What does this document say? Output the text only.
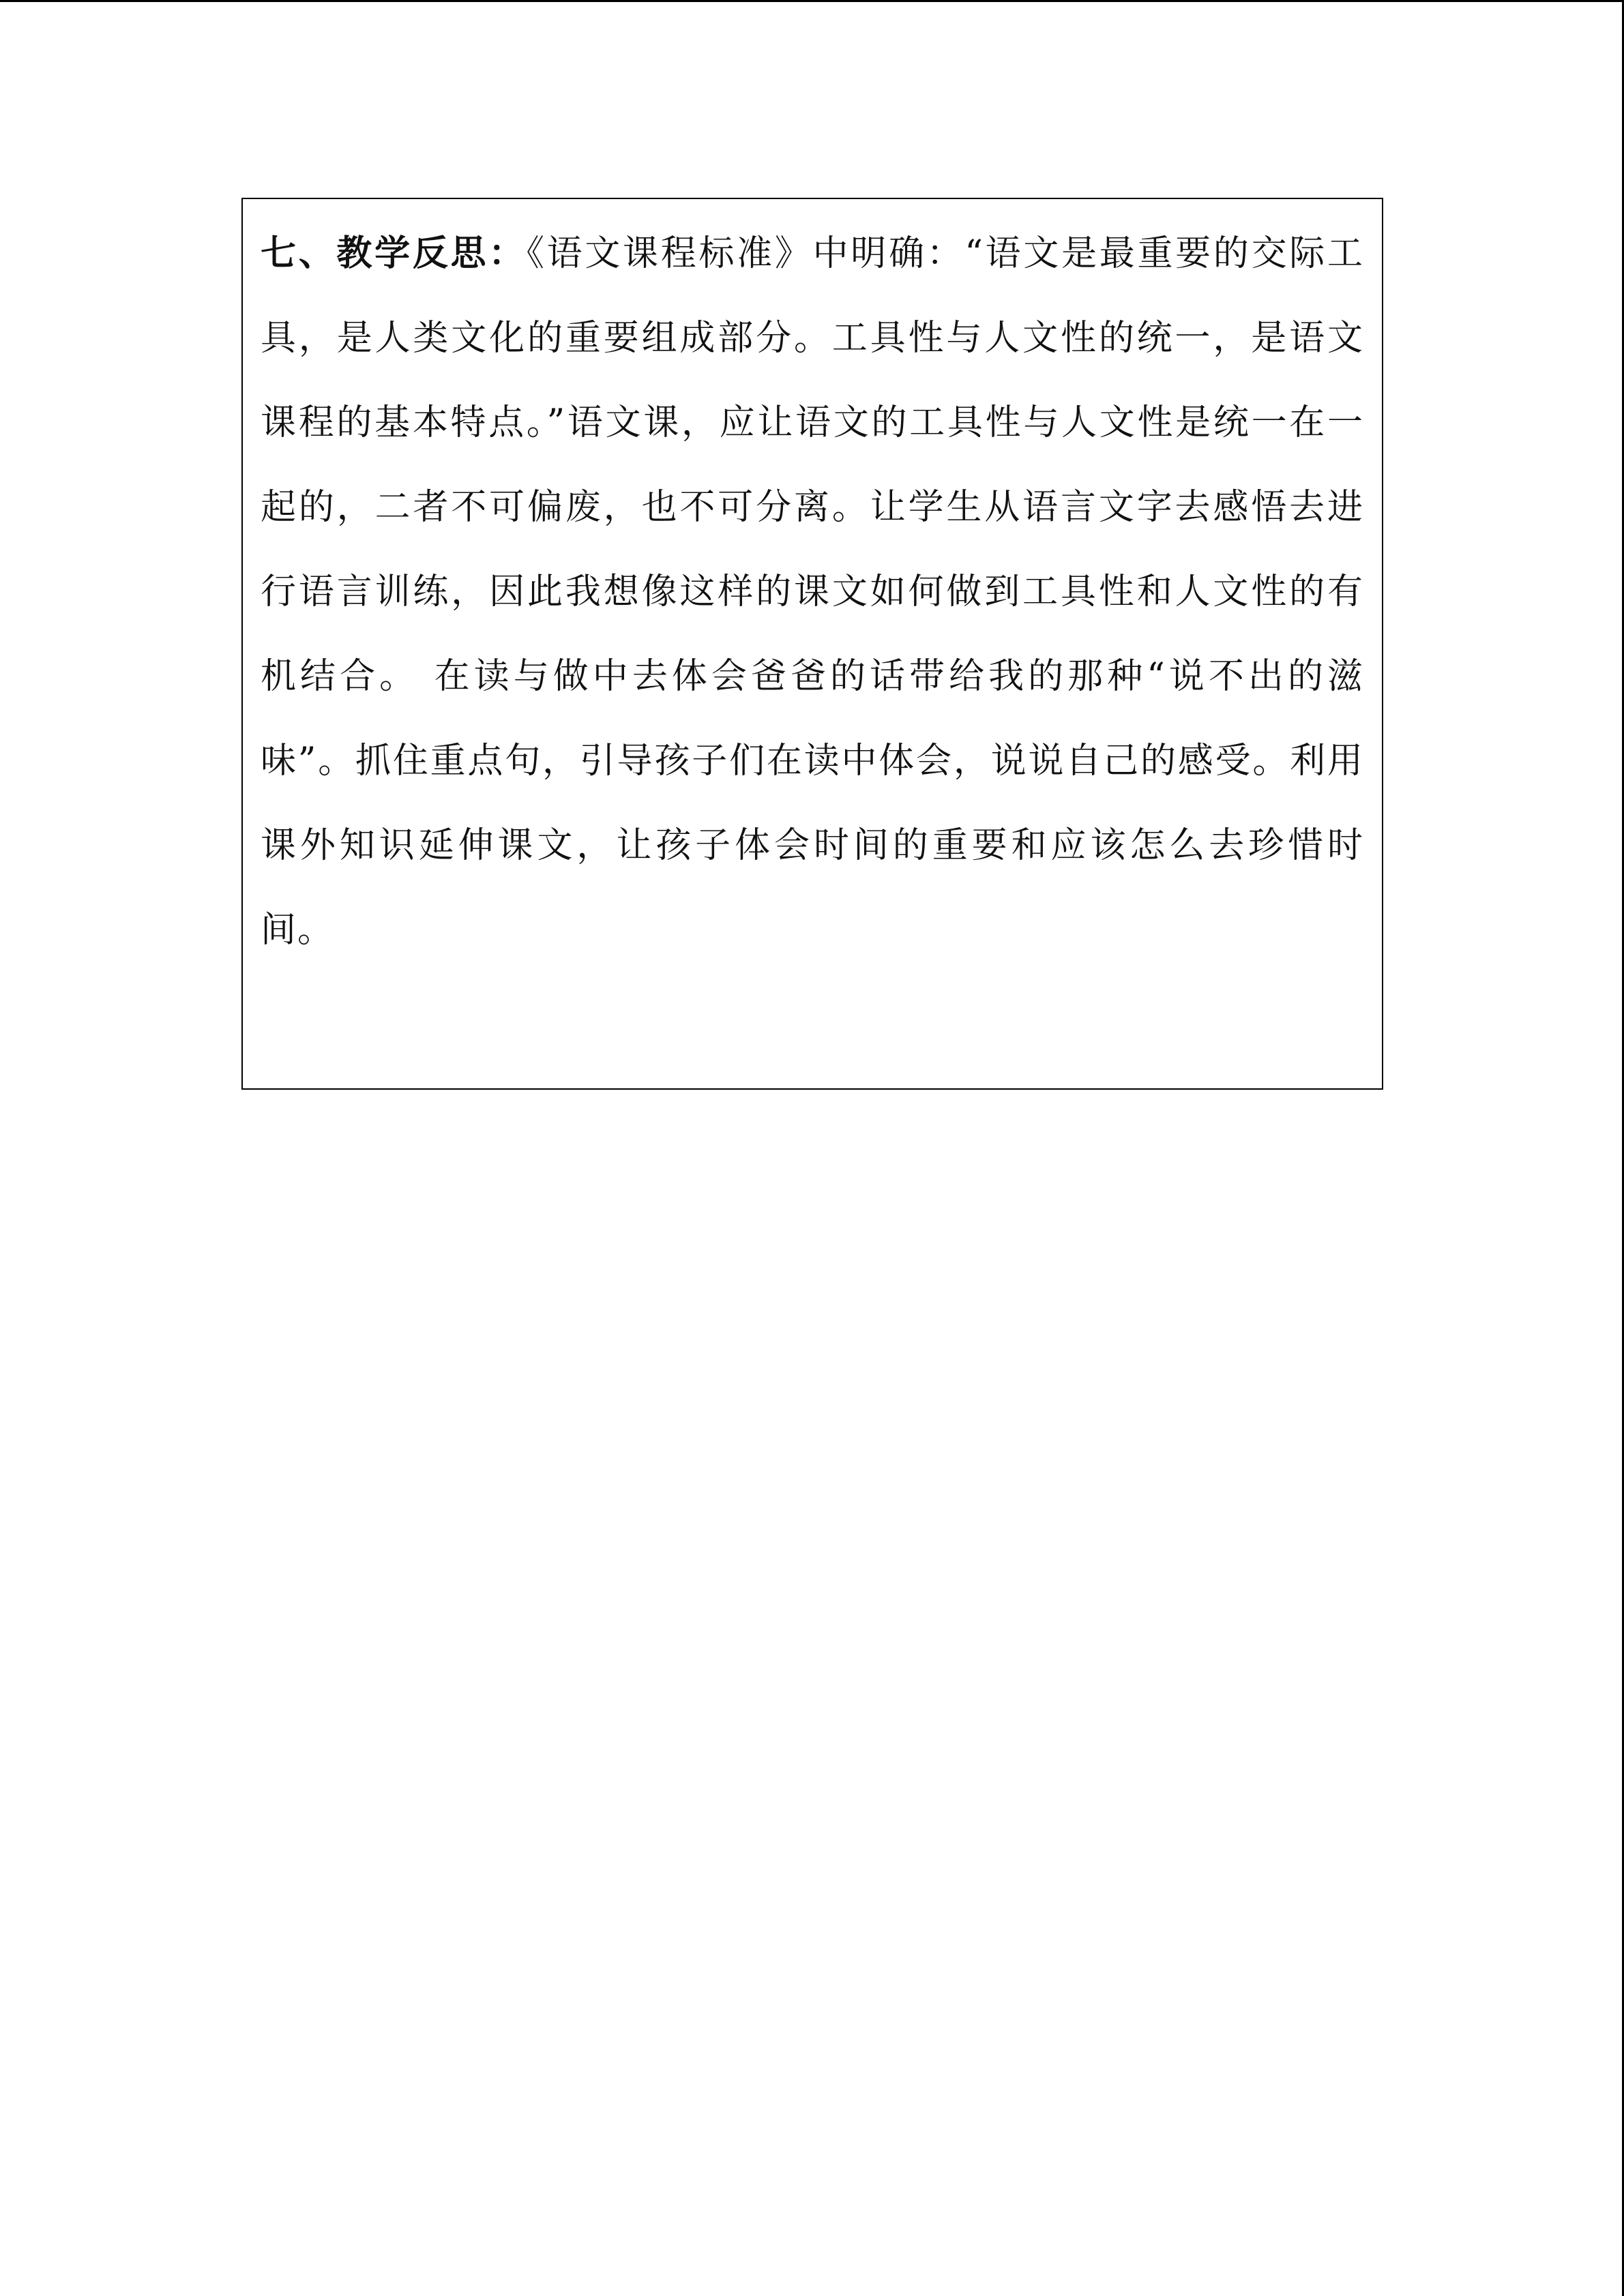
七、教学反思：《语文课程标准》中明确：“语文是最重要的交际工具，是人类文化的重要组成部分。工具性与人文性的统一，是语文课程的基本特点。”语文课，应让语文的工具性与人文性是统一在一起的，二者不可偏废，也不可分离。让学生从语言文字去感悟去进行语言训练，因此我想像这样的课文如何做到工具性和人文性的有机结合。 在读与做中去体会爸爸的话带给我的那种“说不出的滋味”。抓住重点句，引导孩子们在读中体会，说说自己的感受。利用课外知识延伸课文，让孩子体会时间的重要和应该怎么去珍惜时间。
